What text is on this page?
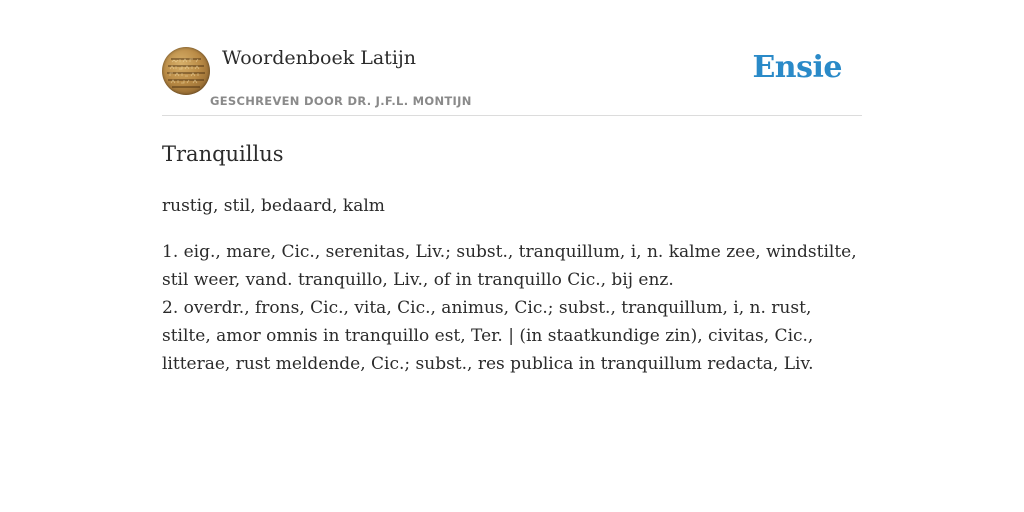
Woordenboek Latijn
GESCHREVEN DOOR DR. J.F.L. MONTIJN
Ensie
Tranquillus
rustig, stil, bedaard, kalm

1. eig., mare, Cic., serenitas, Liv.; subst., tranquillum, i, n. kalme zee, windstilte, stil weer, vand. tranquillo, Liv., of in tranquillo Cic., bij enz.

2. overdr., frons, Cic., vita, Cic., animus, Cic.; subst., tranquillum, i, n. rust, stilte, amor omnis in tranquillo est, Ter. | (in staatkundige zin), civitas, Cic., litterae, rust meldende, Cic.; subst., res publica in tranquillum redacta, Liv.
